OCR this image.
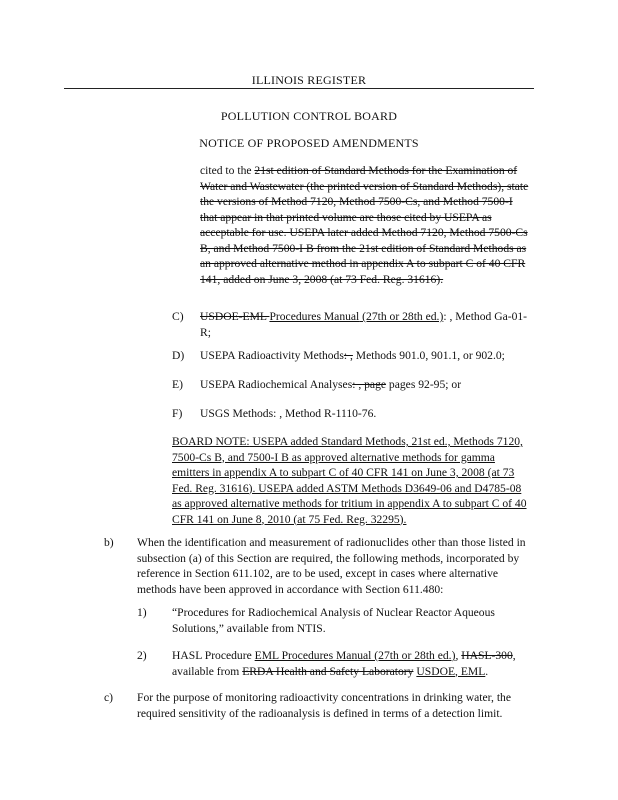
ILLINOIS REGISTER
POLLUTION CONTROL BOARD
NOTICE OF PROPOSED AMENDMENTS

cited to the 21st edition of Standard Methods for the Examination of Water and Wastewater (the printed version of Standard Methods), state the versions of Method 7120, Method 7500-Cs, and Method 7500-I that appear in that printed volume are those cited by USEPA as acceptable for use. USEPA later added Method 7120, Method 7500-Cs B, and Method 7500-I B from the 21st edition of Standard Methods as an approved alternative method in appendix A to subpart C of 40 CFR 141, added on June 3, 2008 (at 73 Fed. Reg. 31616).

C) USDOE-EML Procedures Manual (27th or 28th ed.): , Method Ga-01-R;

D) USEPA Radioactivity Methods: , Methods 901.0, 901.1, or 902.0;

E) USEPA Radiochemical Analyses: , page pages 92-95; or

F) USGS Methods: , Method R-1110-76.

BOARD NOTE: USEPA added Standard Methods, 21st ed., Methods 7120, 7500-Cs B, and 7500-I B as approved alternative methods for gamma emitters in appendix A to subpart C of 40 CFR 141 on June 3, 2008 (at 73 Fed. Reg. 31616). USEPA added ASTM Methods D3649-06 and D4785-08 as approved alternative methods for tritium in appendix A to subpart C of 40 CFR 141 on June 8, 2010 (at 75 Fed. Reg. 32295).

b) When the identification and measurement of radionuclides other than those listed in subsection (a) of this Section are required, the following methods, incorporated by reference in Section 611.102, are to be used, except in cases where alternative methods have been approved in accordance with Section 611.480:

1) “Procedures for Radiochemical Analysis of Nuclear Reactor Aqueous Solutions,” available from NTIS.

2) HASL Procedure EML Procedures Manual (27th or 28th ed.), HASL-300, available from ERDA Health and Safety Laboratory USDOE, EML.

c) For the purpose of monitoring radioactivity concentrations in drinking water, the required sensitivity of the radioanalysis is defined in terms of a detection limit.
